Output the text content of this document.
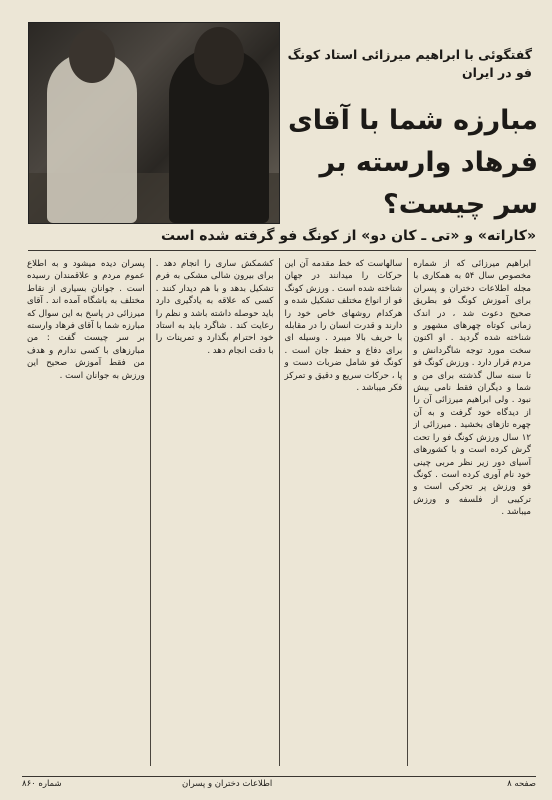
گفتگوئی با ابراهیم میرزائی استاد کونگ فو در ایران
مبارزه شما با آقای فرهاد وارسته بر سر چیست؟
«کاراته» و «تی ـ کان دو» از کونگ فو گرفته شده است
ابراهیم میرزائی که از شماره مخصوص سال ۵۴ به همکاری با مجله اطلاعات دختران و پسران برای آموزش کونگ فو بطریق صحیح دعوت شد ، در اندک زمانی کوتاه چهرهای مشهور و شناخته شده گردید . او اکنون سخت مورد توجه شاگردانش و مردم قرار دارد . ورزش کونگ فو تا سنه سال گذشته برای من و شما و دیگران فقط نامی بیش نبود . ولی ابراهیم میرزائی آن را از دیدگاه خود گرفت و به آن چهره تازهای بخشید . میرزائی از ۱۲ سال ورزش کونگ فو را تحت گرش کرده است و با کشورهای آسیای دور زیر نظر مربی چینی خود نام آوری کرده است . کونگ فو ورزش پر تحرکی است و ترکیبی از فلسفه و ورزش میباشد .
سالهاست که خط مقدمه آن این حرکات را میدانند در جهان شناخته شده است . ورزش کونگ فو از انواع مختلف تشکیل شده و هرکدام روشهای خاص خود را دارند و قدرت انسان را در مقابله با حریف بالا میبرد . وسیله ای برای دفاع و حفظ جان است . کونگ فو شامل ضربات دست و پا ، حرکات سریع و دقیق و تمرکز فکر میباشد .
کشمکش ساری را انجام دهد . برای بیرون شالی مشکی به فرم تشکیل بدهد و با هم دیدار کنند . کسی که علاقه به یادگیری دارد باید حوصله داشته باشد و نظم را رعایت کند . شاگرد باید به استاد خود احترام بگذارد و تمرینات را با دقت انجام دهد .
پسران دیده میشود و به اطلاع عموم مردم و علاقمندان رسیده است . جوانان بسیاری از نقاط مختلف به باشگاه آمده اند . آقای میرزائی در پاسخ به این سوال که مبارزه شما با آقای فرهاد وارسته بر سر چیست گفت : من مبارزهای با کسی ندارم و هدف من فقط آموزش صحیح این ورزش به جوانان است .
شماره ۸۶۰	اطلاعات دختران و پسران	صفحه ۸
